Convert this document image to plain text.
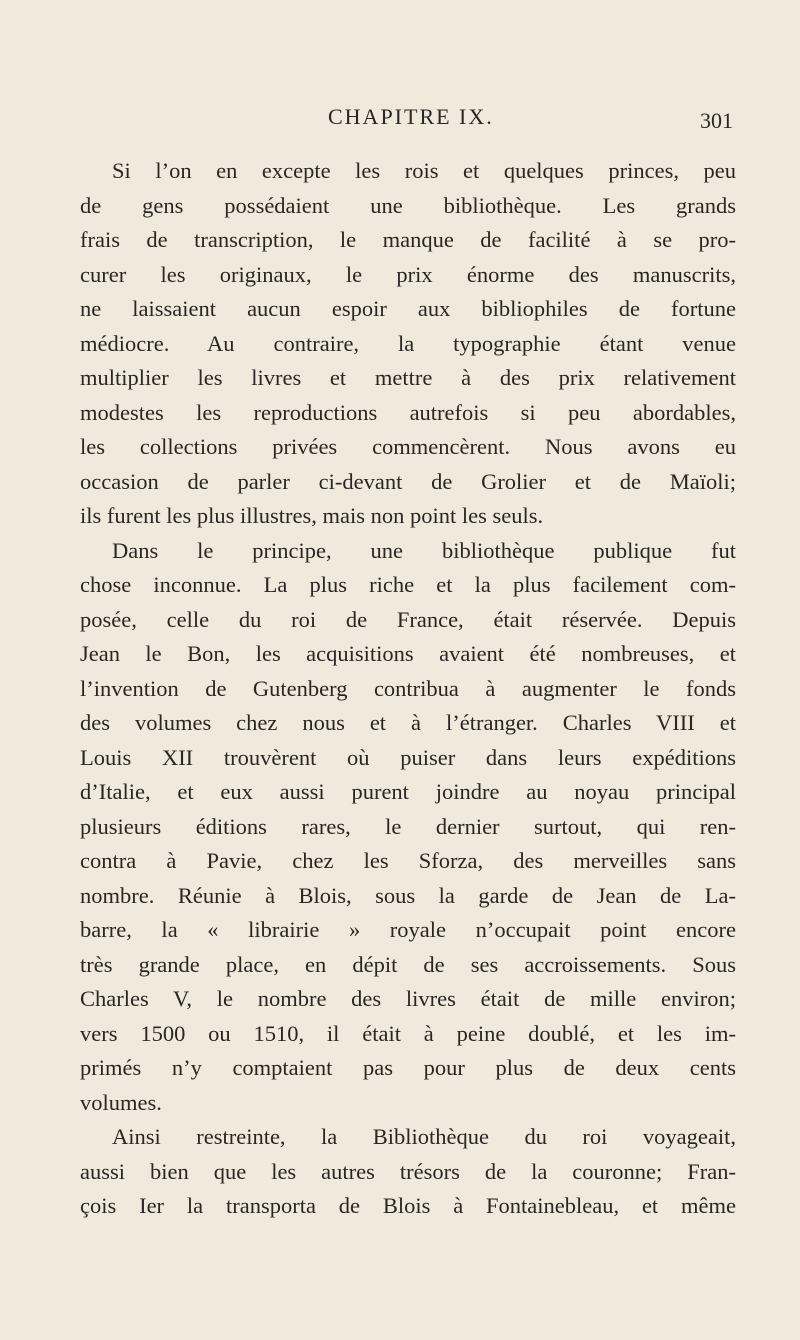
CHAPITRE IX.	301
Si l’on en excepte les rois et quelques princes, peu
de gens possédaient une bibliothèque. Les grands
frais de transcription, le manque de facilité à se pro-
curer les originaux, le prix énorme des manuscrits,
ne laissaient aucun espoir aux bibliophiles de fortune
médiocre. Au contraire, la typographie étant venue
multiplier les livres et mettre à des prix relativement
modestes les reproductions autrefois si peu abordables,
les collections privées commencèrent. Nous avons eu
occasion de parler ci-devant de Grolier et de Maïoli;
ils furent les plus illustres, mais non point les seuls.
Dans le principe, une bibliothèque publique fut
chose inconnue. La plus riche et la plus facilement com-
posée, celle du roi de France, était réservée. Depuis
Jean le Bon, les acquisitions avaient été nombreuses, et
l’invention de Gutenberg contribua à augmenter le fonds
des volumes chez nous et à l’étranger. Charles VIII et
Louis XII trouvèrent où puiser dans leurs expéditions
d’Italie, et eux aussi purent joindre au noyau principal
plusieurs éditions rares, le dernier surtout, qui ren-
contra à Pavie, chez les Sforza, des merveilles sans
nombre. Réunie à Blois, sous la garde de Jean de La-
barre, la « librairie » royale n’occupait point encore
très grande place, en dépit de ses accroissements. Sous
Charles V, le nombre des livres était de mille environ;
vers 1500 ou 1510, il était à peine doublé, et les im-
primés n’y comptaient pas pour plus de deux cents
volumes.
Ainsi restreinte, la Bibliothèque du roi voyageait,
aussi bien que les autres trésors de la couronne; Fran-
çois Ier la transporta de Blois à Fontainebleau, et même
